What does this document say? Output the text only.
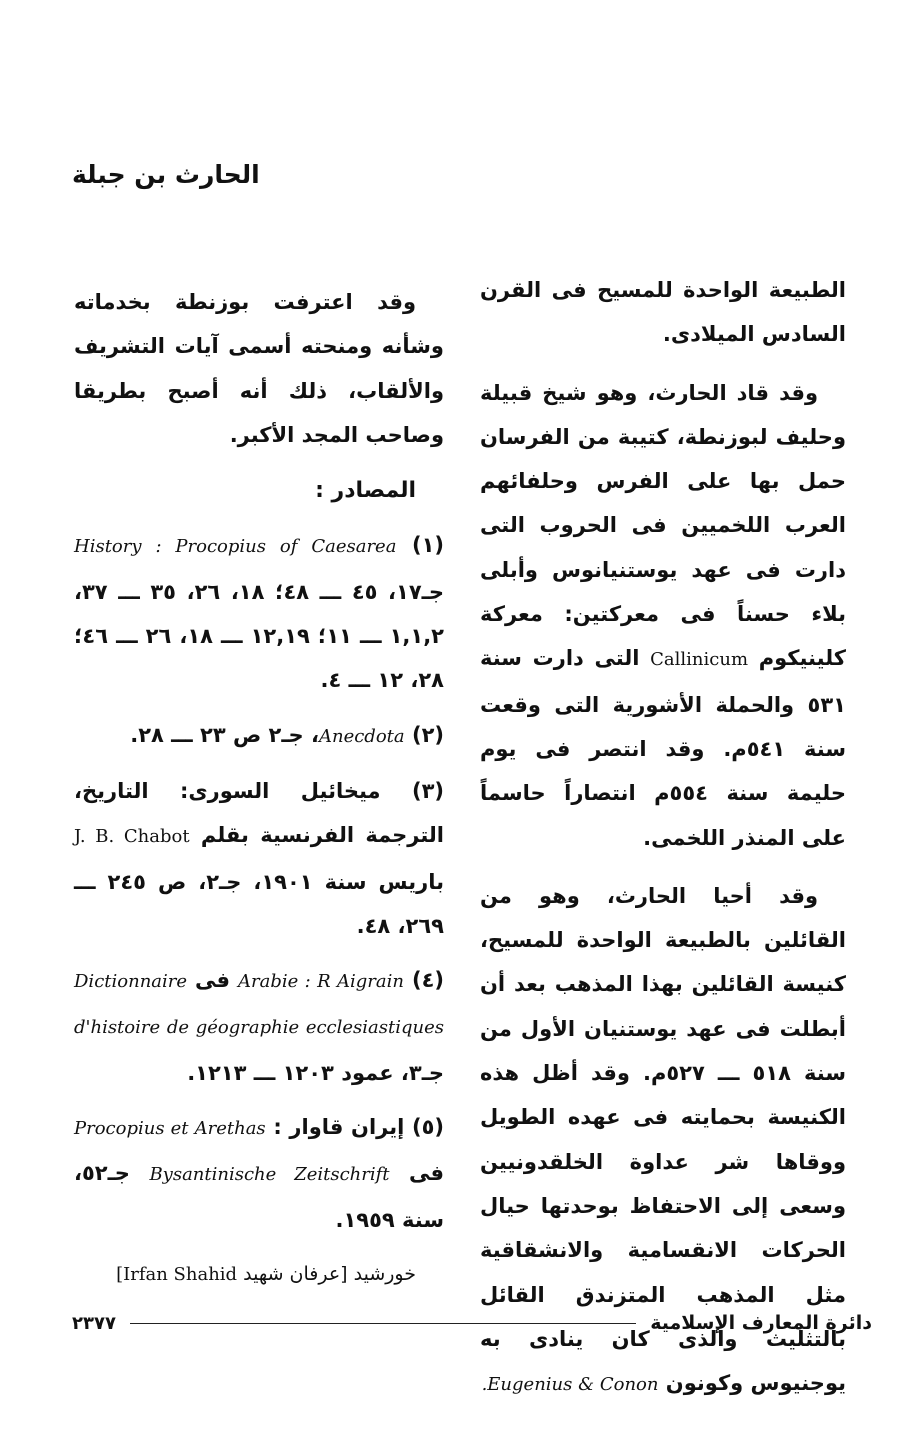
الحارث بن جبلة

الطبيعة الواحدة للمسيح فى القرن السادس الميلادى.

وقد قاد الحارث، وهو شيخ قبيلة وحليف لبوزنطة، كتيبة من الفرسان حمل بها على الفرس وحلفائهم العرب اللخميين فى الحروب التى دارت فى عهد يوستنيانوس وأبلى بلاء حسناً فى معركتين: معركة كلينيكوم Callinicum التى دارت سنة ٥٣١ والحملة الأشورية التى وقعت سنة ٥٤١م. وقد انتصر فى يوم حليمة سنة ٥٥٤م انتصاراً حاسماً على المنذر اللخمى.

وقد أحيا الحارث، وهو من القائلين بالطبيعة الواحدة للمسيح، كنيسة القائلين بهذا المذهب بعد أن أبطلت فى عهد يوستنيان الأول من سنة ٥١٨ ـــ ٥٢٧م. وقد أظل هذه الكنيسة بحمايته فى عهده الطويل ووقاها شر عداوة الخلقدونيين وسعى إلى الاحتفاظ بوحدتها حيال الحركات الانقسامية والانشقاقية مثل المذهب المتزندق القائل بالتثليث والذى كان ينادى به يوجنيوس وكونون Eugenius & Conon.

وقد اعترفت بوزنطة بخدماته وشأنه ومنحته أسمى آيات التشريف والألقاب، ذلك أنه أصبح بطريقا وصاحب المجد الأكبر.

المصادر :

(١) History : Procopius of Caesarea جـ١٧، ٤٥ ـــ ٤٨؛ ١٨، ٢٦، ٣٥ ـــ ٣٧، ١,١,٢ ـــ ١١؛ ١٢,١٩ ـــ ١٨، ٢٦ ـــ ٤٦؛ ٢٨، ١٢ ـــ ٤.

(٢) Anecdota، جـ٢ ص ٢٣ ـــ ٢٨.

(٣) ميخائيل السورى: التاريخ، الترجمة الفرنسية بقلم J. B. Chabot باريس سنة ١٩٠١، جـ٢، ص ٢٤٥ ـــ ٢٦٩، ٤٨.

(٤) Arabie : R Aigrain فى Dictionnaire d'histoire de géographie ecclesiastiques جـ٣، عمود ١٢٠٣ ـــ ١٢١٣.

(٥) إيران قاوار : Procopius et Arethas فى Bysantinische Zeitschrift جـ٥٢، سنة ١٩٥٩.

خورشيد [عرفان شهيد Irfan Shahid]

٢٣٧٧	دائرة المعارف الإسلامية
